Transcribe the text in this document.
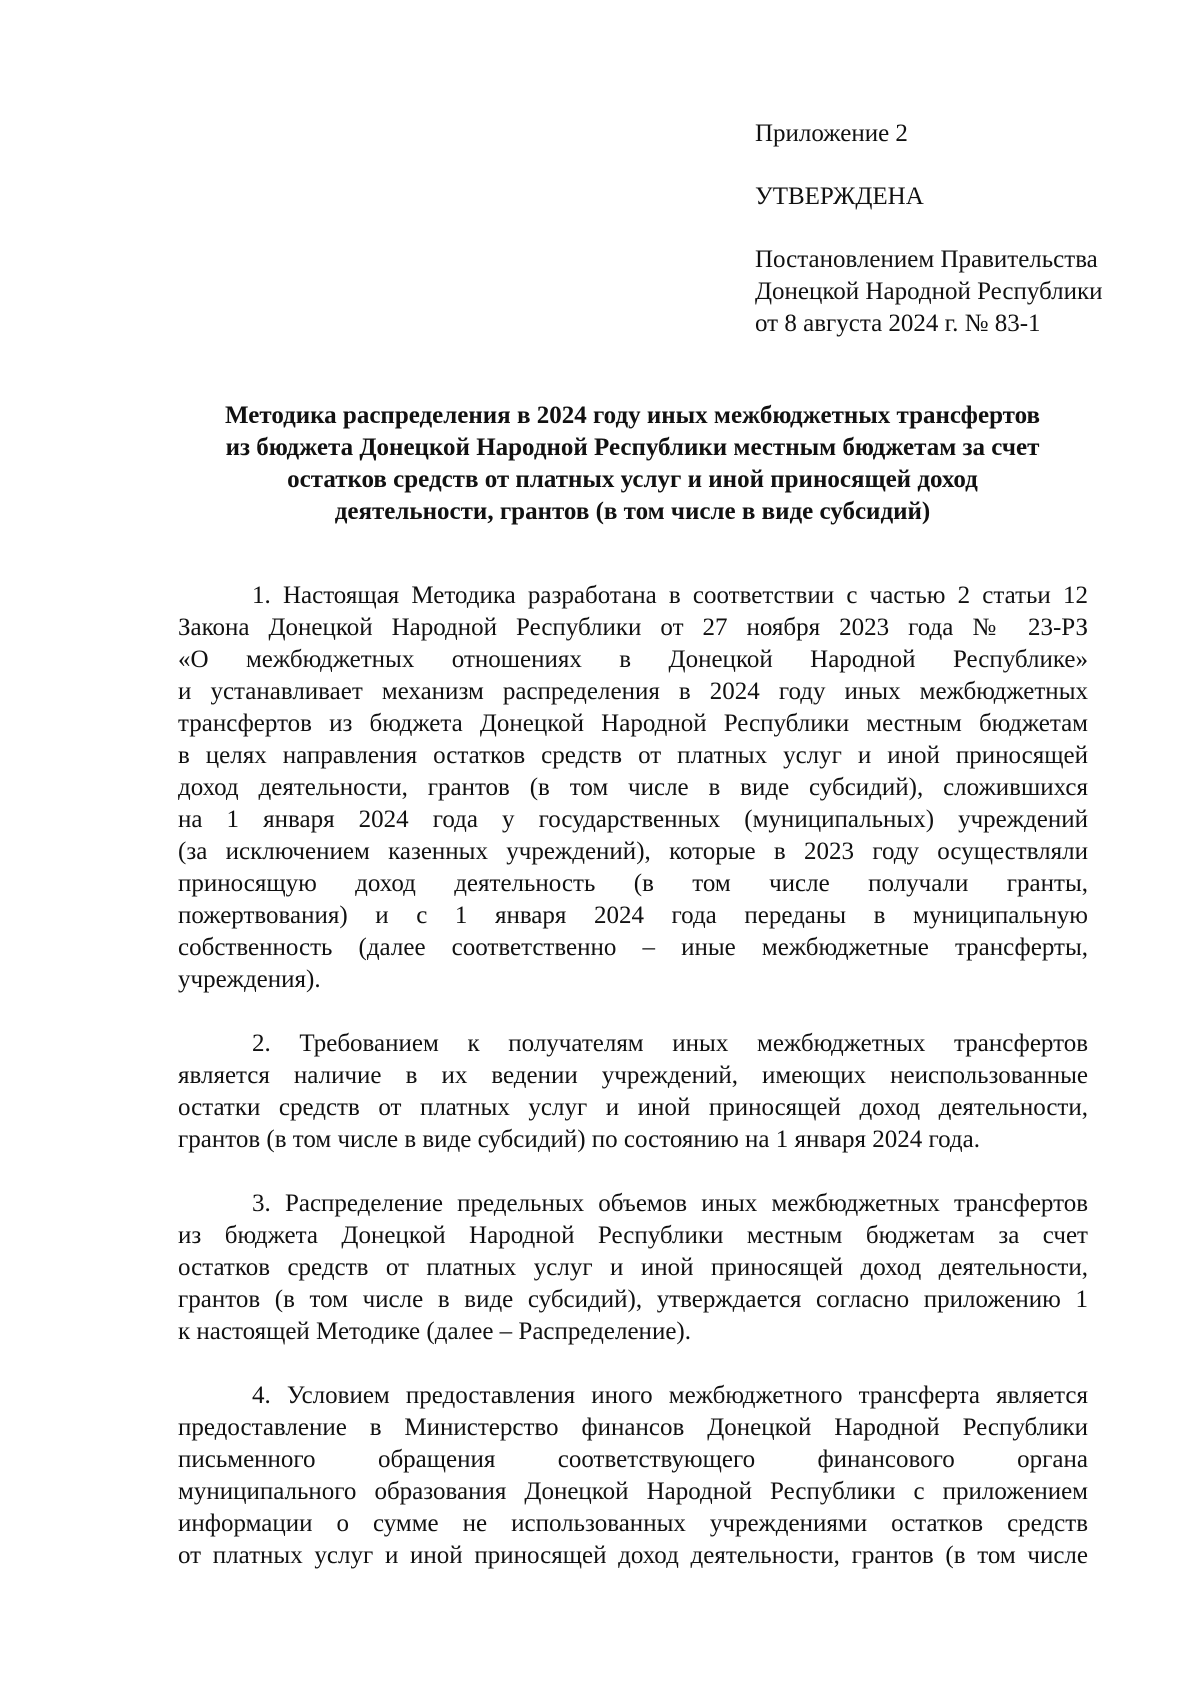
Приложение 2
УТВЕРЖДЕНА
Постановлением Правительства
Донецкой Народной Республики
от 8 августа 2024 г. № 83-1
Методика распределения в 2024 году иных межбюджетных трансфертов
из бюджета Донецкой Народной Республики местным бюджетам за счет
остатков средств от платных услуг и иной приносящей доход
деятельности, грантов (в том числе в виде субсидий)
1. Настоящая Методика разработана в соответствии с частью 2 статьи 12
Закона Донецкой Народной Республики от 27 ноября 2023 года № 23-РЗ
«О межбюджетных отношениях в Донецкой Народной Республике»
и устанавливает механизм распределения в 2024 году иных межбюджетных
трансфертов из бюджета Донецкой Народной Республики местным бюджетам
в целях направления остатков средств от платных услуг и иной приносящей
доход деятельности, грантов (в том числе в виде субсидий), сложившихся
на 1 января 2024 года у государственных (муниципальных) учреждений
(за исключением казенных учреждений), которые в 2023 году осуществляли
приносящую доход деятельность (в том числе получали гранты,
пожертвования) и с 1 января 2024 года переданы в муниципальную
собственность (далее соответственно – иные межбюджетные трансферты,
учреждения).
2. Требованием к получателям иных межбюджетных трансфертов
является наличие в их ведении учреждений, имеющих неиспользованные
остатки средств от платных услуг и иной приносящей доход деятельности,
грантов (в том числе в виде субсидий) по состоянию на 1 января 2024 года.
3. Распределение предельных объемов иных межбюджетных трансфертов
из бюджета Донецкой Народной Республики местным бюджетам за счет
остатков средств от платных услуг и иной приносящей доход деятельности,
грантов (в том числе в виде субсидий), утверждается согласно приложению 1
к настоящей Методике (далее – Распределение).
4. Условием предоставления иного межбюджетного трансферта является
предоставление в Министерство финансов Донецкой Народной Республики
письменного обращения соответствующего финансового органа
муниципального образования Донецкой Народной Республики с приложением
информации о сумме не использованных учреждениями остатков средств
от платных услуг и иной приносящей доход деятельности, грантов (в том числе
